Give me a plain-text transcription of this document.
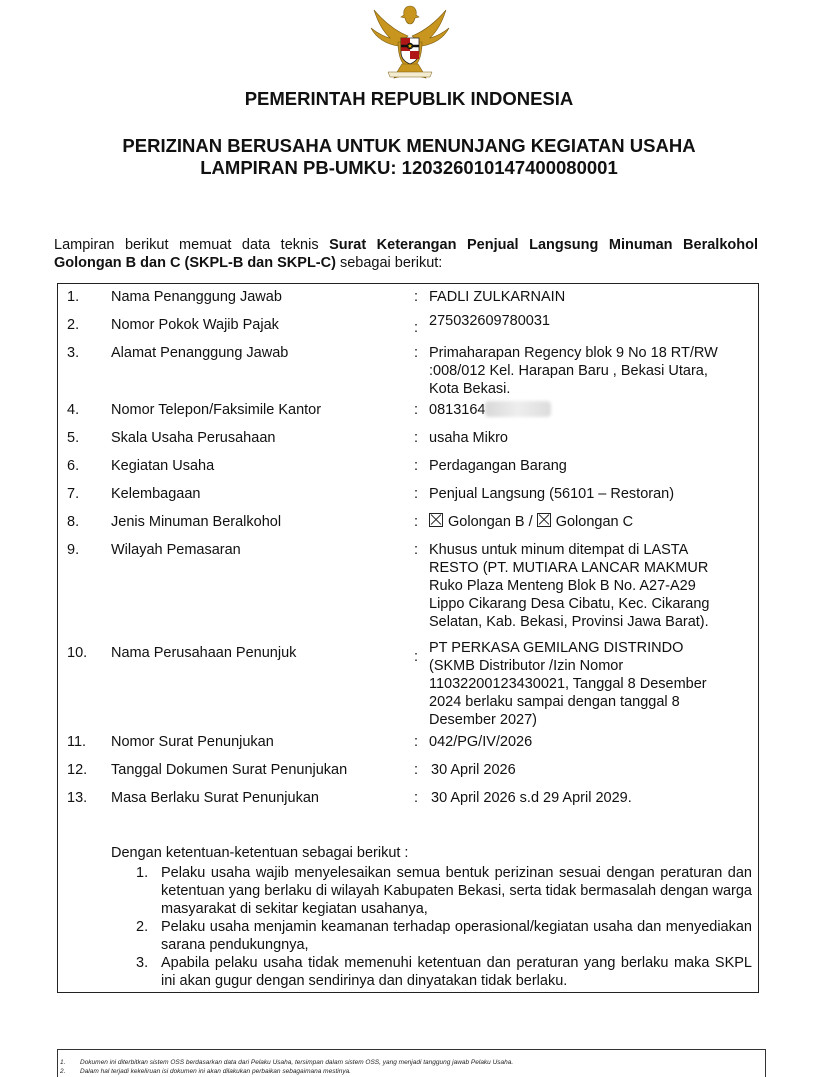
PEMERINTAH REPUBLIK INDONESIA
PERIZINAN BERUSAHA UNTUK MENUNJANG KEGIATAN USAHA
LAMPIRAN PB-UMKU: 120326010147400080001
Lampiran berikut memuat data teknis Surat Keterangan Penjual Langsung Minuman Beralkohol Golongan B dan C (SKPL-B dan SKPL-C) sebagai berikut:
1. Nama Penanggung Jawab	: FADLI ZULKARNAIN
2. Nomor Pokok Wajib Pajak	: 275032609780031
3. Alamat Penanggung Jawab	: Primaharapan Regency blok 9 No 18 RT/RW :008/012 Kel. Harapan Baru , Bekasi Utara, Kota Bekasi.
4. Nomor Telepon/Faksimile Kantor	: 0813164
5. Skala Usaha Perusahaan	: usaha Mikro
6. Kegiatan Usaha	: Perdagangan Barang
7. Kelembagaan	: Penjual Langsung (56101 – Restoran)
8. Jenis Minuman Beralkohol	:	Golongan B / Golongan C
9. Wilayah Pemasaran	: Khusus untuk minum ditempat di LASTA RESTO (PT. MUTIARA LANCAR MAKMUR Ruko Plaza Menteng Blok B No. A27-A29 Lippo Cikarang Desa Cibatu, Kec. Cikarang Selatan, Kab. Bekasi, Provinsi Jawa Barat).
10. Nama Perusahaan Penunjuk	:
PT PERKASA GEMILANG DISTRINDO (SKMB Distributor /Izin Nomor 11032200123430021, Tanggal 8 Desember 2024 berlaku sampai dengan tanggal 8 Desember 2027)
11. Nomor Surat Penunjukan	: 042/PG/IV/2026
12. Tanggal Dokumen Surat Penunjukan	: 30 April 2026
13. Masa Berlaku Surat Penunjukan	: 30 April 2026 s.d 29 April 2029.
Dengan ketentuan-ketentuan sebagai berikut :
1. Pelaku usaha wajib menyelesaikan semua bentuk perizinan sesuai dengan peraturan dan ketentuan yang berlaku di wilayah Kabupaten Bekasi, serta tidak bermasalah dengan warga masyarakat di sekitar kegiatan usahanya,
2. Pelaku usaha menjamin keamanan terhadap operasional/kegiatan usaha dan menyediakan sarana pendukungnya,
3. Apabila pelaku usaha tidak memenuhi ketentuan dan peraturan yang berlaku maka SKPL ini akan gugur dengan sendirinya dan dinyatakan tidak berlaku.
1. Dokumen ini diterbitkan sistem OSS berdasarkan data dari Pelaku Usaha, tersimpan dalam sistem OSS, yang menjadi tanggung jawab Pelaku Usaha.
2. Dalam hal terjadi kekeliruan isi dokumen ini akan dilakukan perbaikan sebagaimana mestinya.
